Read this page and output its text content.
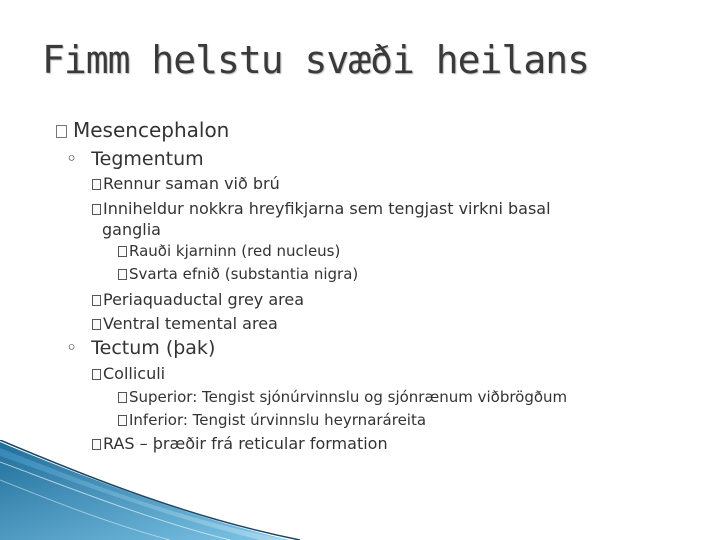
Fimm helstu svæði heilans
Mesencephalon
◦ Tegmentum
Rennur saman við brú
Inniheldur nokkra hreyfikjarna sem tengjast virkni basal
ganglia
Rauði kjarninn (red nucleus)
Svarta efnið (substantia nigra)
Periaquaductal grey area
Ventral temental area
◦ Tectum (þak)
Colliculi
Superior: Tengist sjónúrvinnslu og sjónrænum viðbrögðum
Inferior: Tengist úrvinnslu heyrnaráreita
RAS – þræðir frá reticular formation
